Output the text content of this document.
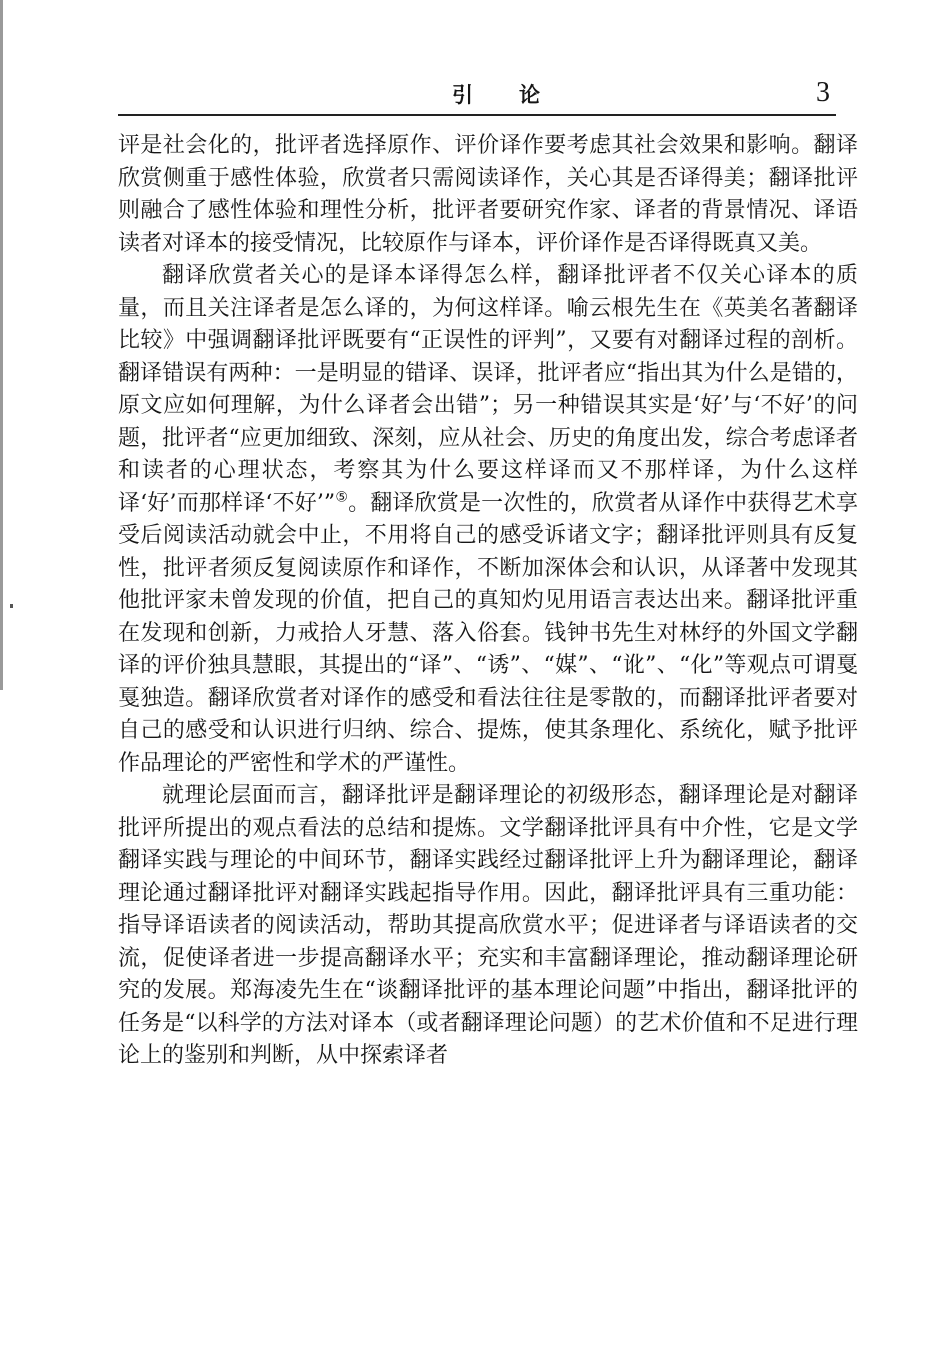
引论	3

评是社会化的，批评者选择原作、评价译作要考虑其社会效果和影响。翻译欣赏侧重于感性体验，欣赏者只需阅读译作，关心其是否译得美；翻译批评则融合了感性体验和理性分析，批评者要研究作家、译者的背景情况、译语读者对译本的接受情况，比较原作与译本，评价译作是否译得既真又美。

翻译欣赏者关心的是译本译得怎么样，翻译批评者不仅关心译本的质量，而且关注译者是怎么译的，为何这样译。喻云根先生在《英美名著翻译比较》中强调翻译批评既要有“正误性的评判”，又要有对翻译过程的剖析。翻译错误有两种：一是明显的错译、误译，批评者应“指出其为什么是错的，原文应如何理解，为什么译者会出错”；另一种错误其实是‘好’与‘不好’的问题，批评者“应更加细致、深刻，应从社会、历史的角度出发，综合考虑译者和读者的心理状态，考察其为什么要这样译而又不那样译，为什么这样译‘好’而那样译‘不好’”⑤。翻译欣赏是一次性的，欣赏者从译作中获得艺术享受后阅读活动就会中止，不用将自己的感受诉诸文字；翻译批评则具有反复性，批评者须反复阅读原作和译作，不断加深体会和认识，从译著中发现其他批评家未曾发现的价值，把自己的真知灼见用语言表达出来。翻译批评重在发现和创新，力戒拾人牙慧、落入俗套。钱钟书先生对林纾的外国文学翻译的评价独具慧眼，其提出的“译”、“诱”、“媒”、“讹”、“化”等观点可谓戛戛独造。翻译欣赏者对译作的感受和看法往往是零散的，而翻译批评者要对自己的感受和认识进行归纳、综合、提炼，使其条理化、系统化，赋予批评作品理论的严密性和学术的严谨性。

就理论层面而言，翻译批评是翻译理论的初级形态，翻译理论是对翻译批评所提出的观点看法的总结和提炼。文学翻译批评具有中介性，它是文学翻译实践与理论的中间环节，翻译实践经过翻译批评上升为翻译理论，翻译理论通过翻译批评对翻译实践起指导作用。因此，翻译批评具有三重功能：指导译语读者的阅读活动，帮助其提高欣赏水平；促进译者与译语读者的交流，促使译者进一步提高翻译水平；充实和丰富翻译理论，推动翻译理论研究的发展。郑海凌先生在“谈翻译批评的基本理论问题”中指出，翻译批评的任务是“以科学的方法对译本（或者翻译理论问题）的艺术价值和不足进行理论上的鉴别和判断，从中探索译者
